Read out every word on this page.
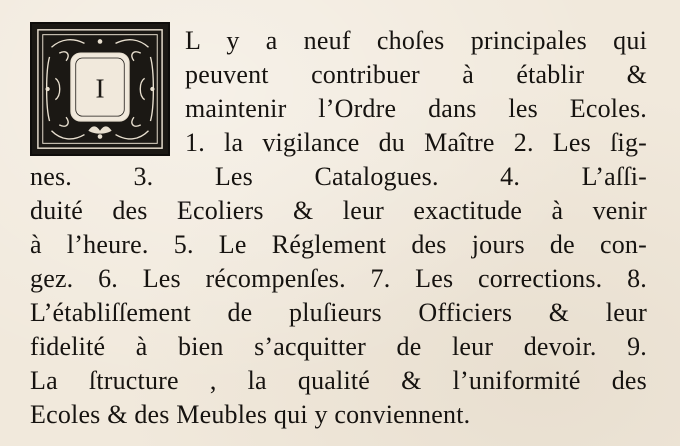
I
L y a neuf choſes principales qui
peuvent contribuer à établir &
maintenir l’Ordre dans les Ecoles.
1. la vigilance du Maître 2. Les ſig-
nes. 3. Les Catalogues. 4. L’aſſi-
duité des Ecoliers & leur exactitude à venir
à l’heure. 5. Le Réglement des jours de con-
gez. 6. Les récompenſes. 7. Les corrections. 8.
L’établiſſement de pluſieurs Officiers & leur
fidelité à bien s’acquitter de leur devoir. 9.
La ſtructure , la qualité & l’uniformité des
Ecoles & des Meubles qui y conviennent.
